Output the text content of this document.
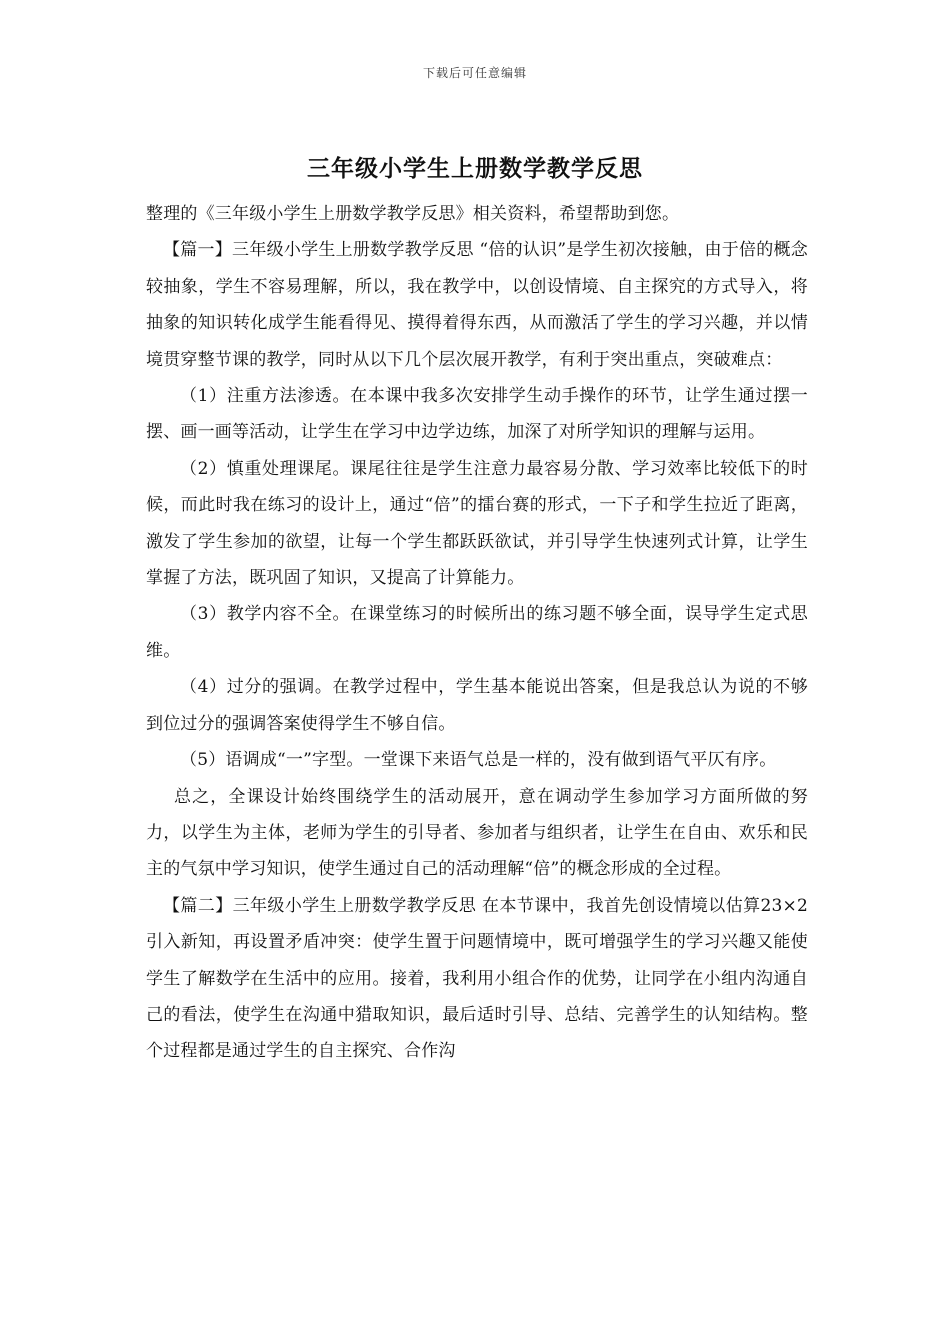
下载后可任意编辑
三年级小学生上册数学教学反思

整理的《三年级小学生上册数学教学反思》相关资料，希望帮助到您。

【篇一】三年级小学生上册数学教学反思 “倍的认识”是学生初次接触，由于倍的概念较抽象，学生不容易理解，所以，我在教学中，以创设情境、自主探究的方式导入，将抽象的知识转化成学生能看得见、摸得着得东西，从而激活了学生的学习兴趣，并以情境贯穿整节课的教学，同时从以下几个层次展开教学，有利于突出重点，突破难点：

（1）注重方法渗透。在本课中我多次安排学生动手操作的环节，让学生通过摆一摆、画一画等活动，让学生在学习中边学边练，加深了对所学知识的理解与运用。

（2）慎重处理课尾。课尾往往是学生注意力最容易分散、学习效率比较低下的时候，而此时我在练习的设计上，通过“倍”的擂台赛的形式，一下子和学生拉近了距离，激发了学生参加的欲望，让每一个学生都跃跃欲试，并引导学生快速列式计算，让学生掌握了方法，既巩固了知识，又提高了计算能力。

（3）教学内容不全。在课堂练习的时候所出的练习题不够全面，误导学生定式思维。

（4）过分的强调。在教学过程中，学生基本能说出答案，但是我总认为说的不够到位过分的强调答案使得学生不够自信。

（5）语调成“一”字型。一堂课下来语气总是一样的，没有做到语气平仄有序。

总之，全课设计始终围绕学生的活动展开，意在调动学生参加学习方面所做的努力，以学生为主体，老师为学生的引导者、参加者与组织者，让学生在自由、欢乐和民主的气氛中学习知识，使学生通过自己的活动理解“倍”的概念形成的全过程。

【篇二】三年级小学生上册数学教学反思 在本节课中，我首先创设情境以估算23×2引入新知，再设置矛盾冲突：使学生置于问题情境中，既可增强学生的学习兴趣又能使学生了解数学在生活中的应用。接着，我利用小组合作的优势，让同学在小组内沟通自己的看法，使学生在沟通中猎取知识，最后适时引导、总结、完善学生的认知结构。整个过程都是通过学生的自主探究、合作沟
